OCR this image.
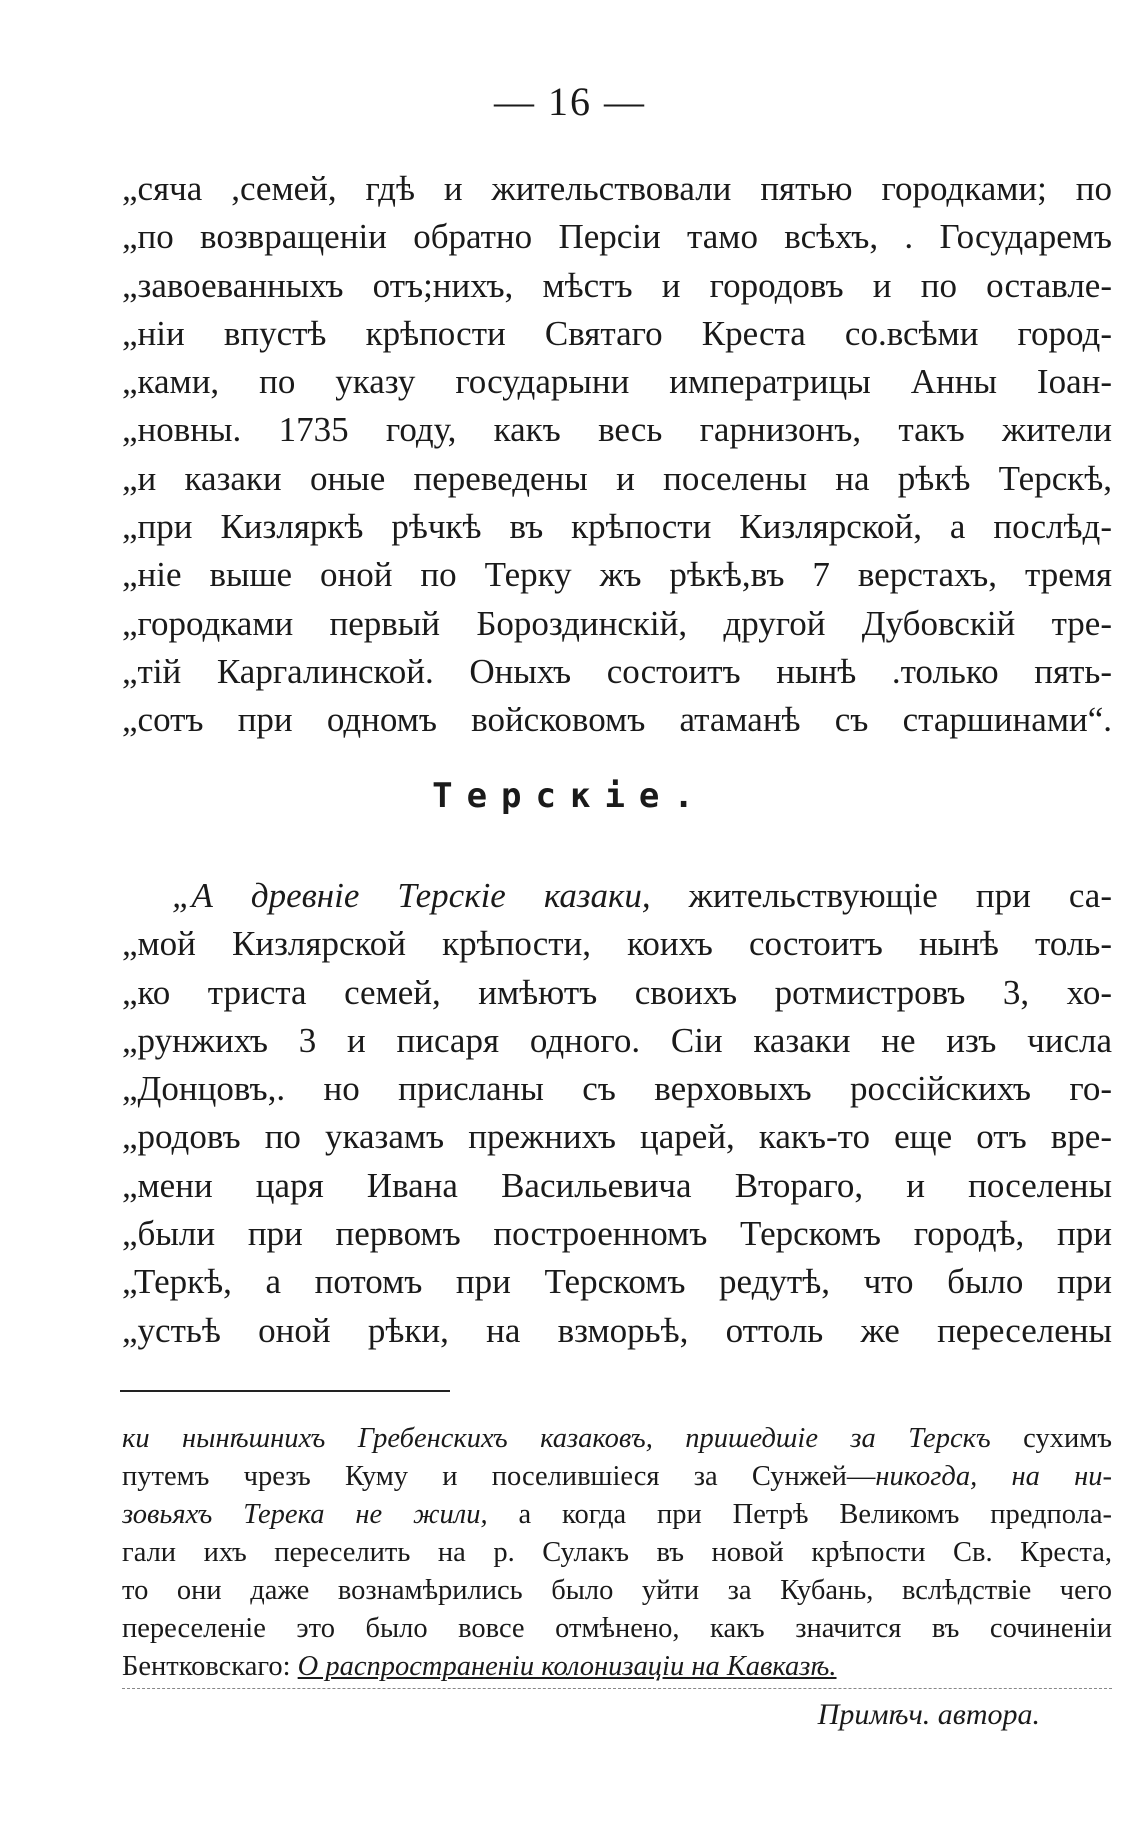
— 16 —
„сяча ,семей, гдѣ и жительствовали пятью городками; по
„по возвращеніи обратно Персіи тамо всѣхъ, . Государемъ
„завоеванныхъ отъ;нихъ, мѣстъ и городовъ и по оставле-
„ніи впустѣ крѣпости Святаго Креста со.всѣми город-
„ками, по указу государыни императрицы Анны Іоан-
„новны. 1735 году, какъ весь гарнизонъ, такъ жители
„и казаки оные переведены и поселены на рѣкѣ Терскѣ,
„при Кизляркѣ рѣчкѣ въ крѣпости Кизлярской, а послѣд-
„ніе выше оной по Терку жъ рѣкѣ,въ 7 верстахъ, тремя
„городками первый Бороздинскій, другой Дубовскій тре-
„тій Каргалинской. Оныхъ состоитъ нынѣ .только пять-
„сотъ при одномъ войсковомъ атаманѣ съ старшинами“.
Терскіе.
„А древніе Терскіе казаки, жительствующіе при са-
„мой Кизлярской крѣпости, коихъ состоитъ нынѣ толь-
„ко триста семей, имѣютъ своихъ ротмистровъ 3, хо-
„рунжихъ 3 и писаря одного. Сіи казаки не изъ числа
„Донцовъ,. но присланы съ верховыхъ россійскихъ го-
„родовъ по указамъ прежнихъ царей, какъ-то еще отъ вре-
„мени царя Ивана Васильевича Втораго, и поселены
„были при первомъ построенномъ Терскомъ городѣ, при
„Теркѣ, а потомъ при Терскомъ редутѣ, что было при
„устьѣ оной рѣки, на взморьѣ, оттоль же переселены
ки нынѣшнихъ Гребенскихъ казаковъ, пришедшіе за Терскъ сухимъ
путемъ чрезъ Куму и поселившіеся за Сунжей—никогда, на ни-
зовьяхъ Терека не жили, а когда при Петрѣ Великомъ предпола-
гали ихъ переселить на р. Сулакъ въ новой крѣпости Св. Креста,
то они даже вознамѣрились было уйти за Кубань, вслѣдствіе чего
переселеніе это было вовсе отмѣнено, какъ значится въ сочиненіи
Бентковскаго: О распространеніи колонизаціи на Кавказѣ.
Примѣч. автора.
